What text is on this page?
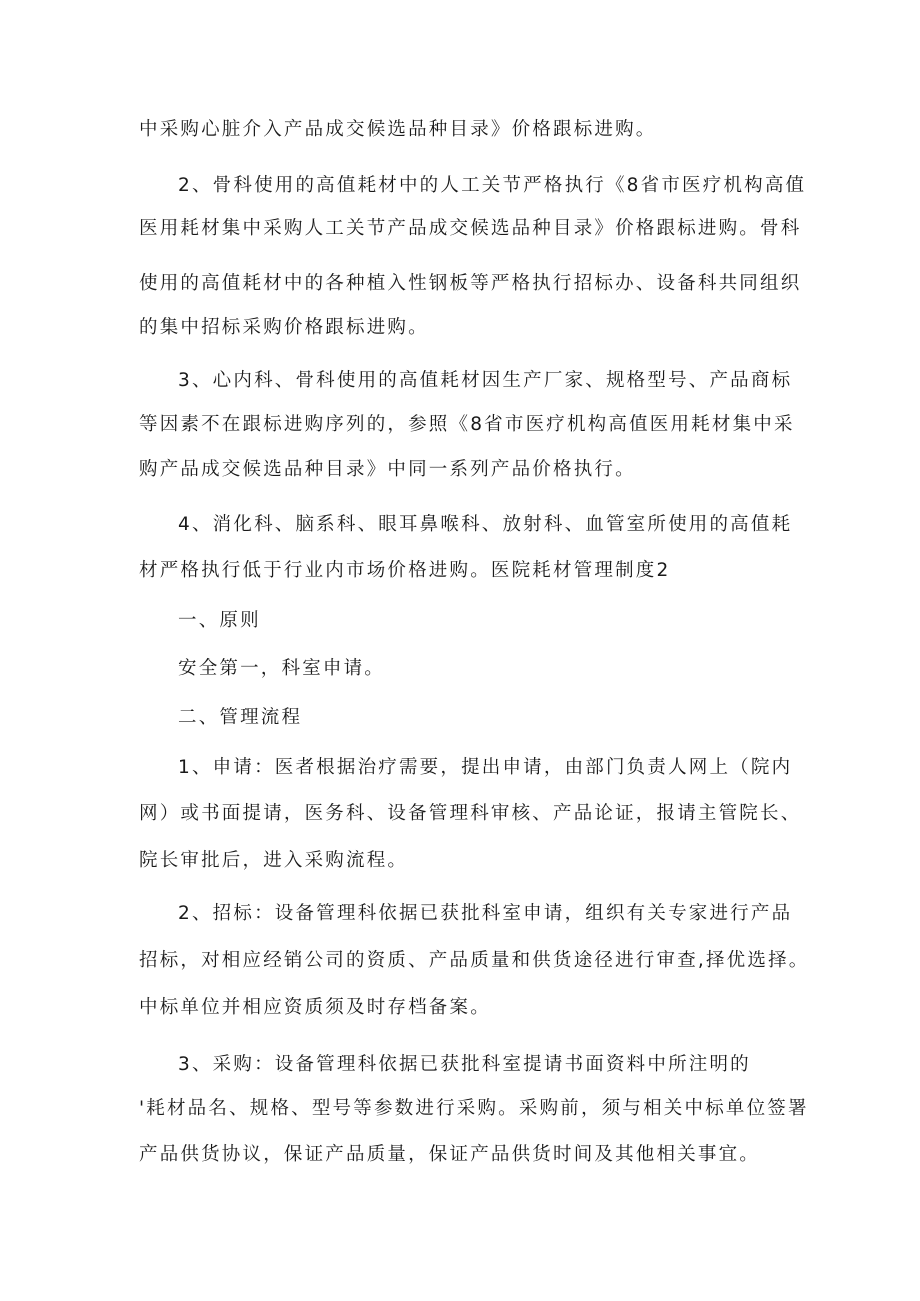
中采购心脏介入产品成交候选品种目录》价格跟标进购。

2、骨科使用的高值耗材中的人工关节严格执行《8省市医疗机构高值

医用耗材集中采购人工关节产品成交候选品种目录》价格跟标进购。骨科

使用的高值耗材中的各种植入性钢板等严格执行招标办、设备科共同组织

的集中招标采购价格跟标进购。

3、心内科、骨科使用的高值耗材因生产厂家、规格型号、产品商标

等因素不在跟标进购序列的，参照《8省市医疗机构高值医用耗材集中采

购产品成交候选品种目录》中同一系列产品价格执行。

4、消化科、脑系科、眼耳鼻喉科、放射科、血管室所使用的高值耗

材严格执行低于行业内市场价格进购。医院耗材管理制度2

一、原则

安全第一，科室申请。

二、管理流程

1、申请：医者根据治疗需要，提出申请，由部门负责人网上（院内

网）或书面提请，医务科、设备管理科审核、产品论证，报请主管院长、

院长审批后，进入采购流程。

2、招标：设备管理科依据已获批科室申请，组织有关专家进行产品

招标，对相应经销公司的资质、产品质量和供货途径进行审查,择优选择。

中标单位并相应资质须及时存档备案。

3、采购：设备管理科依据已获批科室提请书面资料中所注明的

'耗材品名、规格、型号等参数进行采购。采购前，须与相关中标单位签署

产品供货协议，保证产品质量，保证产品供货时间及其他相关事宜。
